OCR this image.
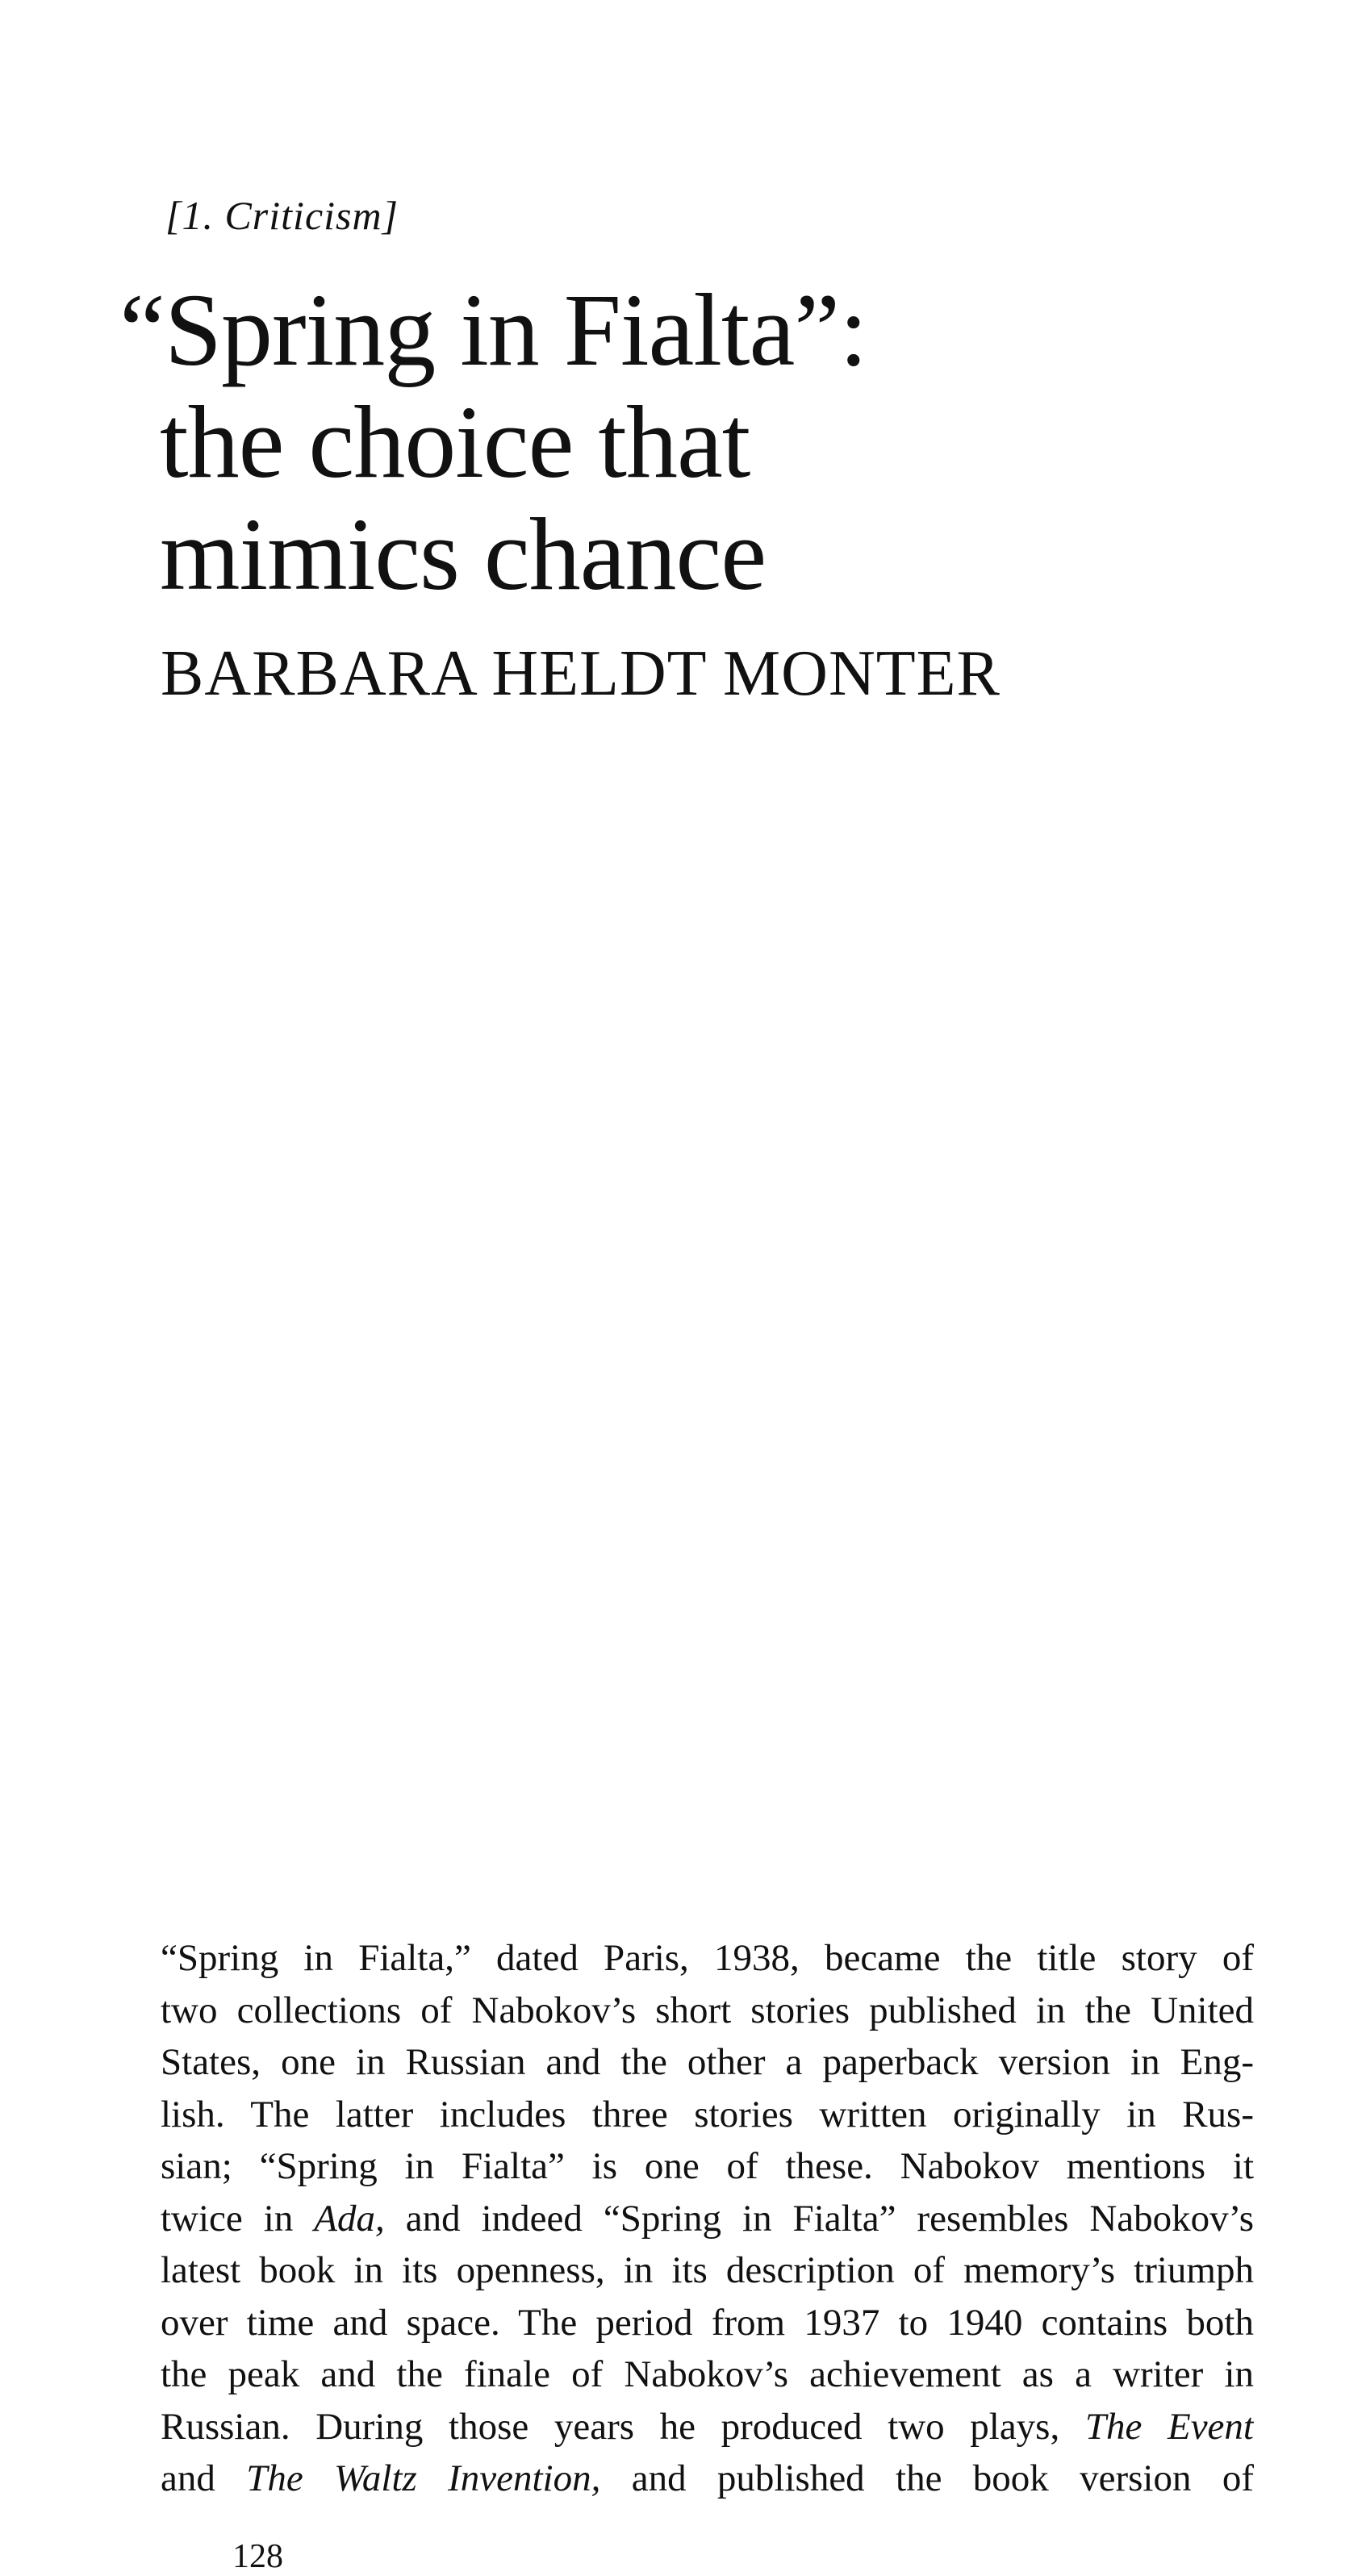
[1. Criticism]
“Spring in Fialta”:
the choice that
mimics chance
BARBARA HELDT MONTER
“Spring in Fialta,” dated Paris, 1938, became the title story of
two collections of Nabokov’s short stories published in the United
States, one in Russian and the other a paperback version in Eng-
lish. The latter includes three stories written originally in Rus-
sian; “Spring in Fialta” is one of these. Nabokov mentions it
twice in Ada, and indeed “Spring in Fialta” resembles Nabokov’s
latest book in its openness, in its description of memory’s triumph
over time and space. The period from 1937 to 1940 contains both
the peak and the finale of Nabokov’s achievement as a writer in
Russian. During those years he produced two plays, The Event
and The Waltz Invention, and published the book version of
128
